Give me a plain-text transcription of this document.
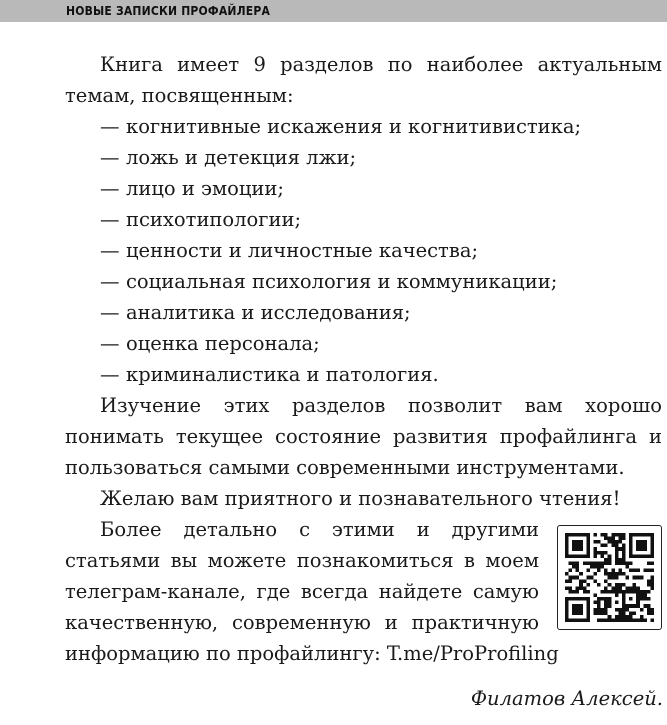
НОВЫЕ ЗАПИСКИ ПРОФАЙЛЕРА

Книга имеет 9 разделов по наиболее актуальным темам, посвященным:

— когнитивные искажения и когнитивистика;
— ложь и детекция лжи;
— лицо и эмоции;
— психотипологии;
— ценности и личностные качества;
— социальная психология и коммуникации;
— аналитика и исследования;
— оценка персонала;
— криминалистика и патология.

Изучение этих разделов позволит вам хорошо понимать текущее состояние развития профайлинга и пользоваться самыми современными инструментами.

Желаю вам приятного и познавательного чтения!

Более детально с этими и другими статьями вы можете познакомиться в моем телеграм-канале, где всегда найдете самую качественную, современную и практичную информацию по профайлингу: T.me/ProProfiling

Филатов Алексей.
